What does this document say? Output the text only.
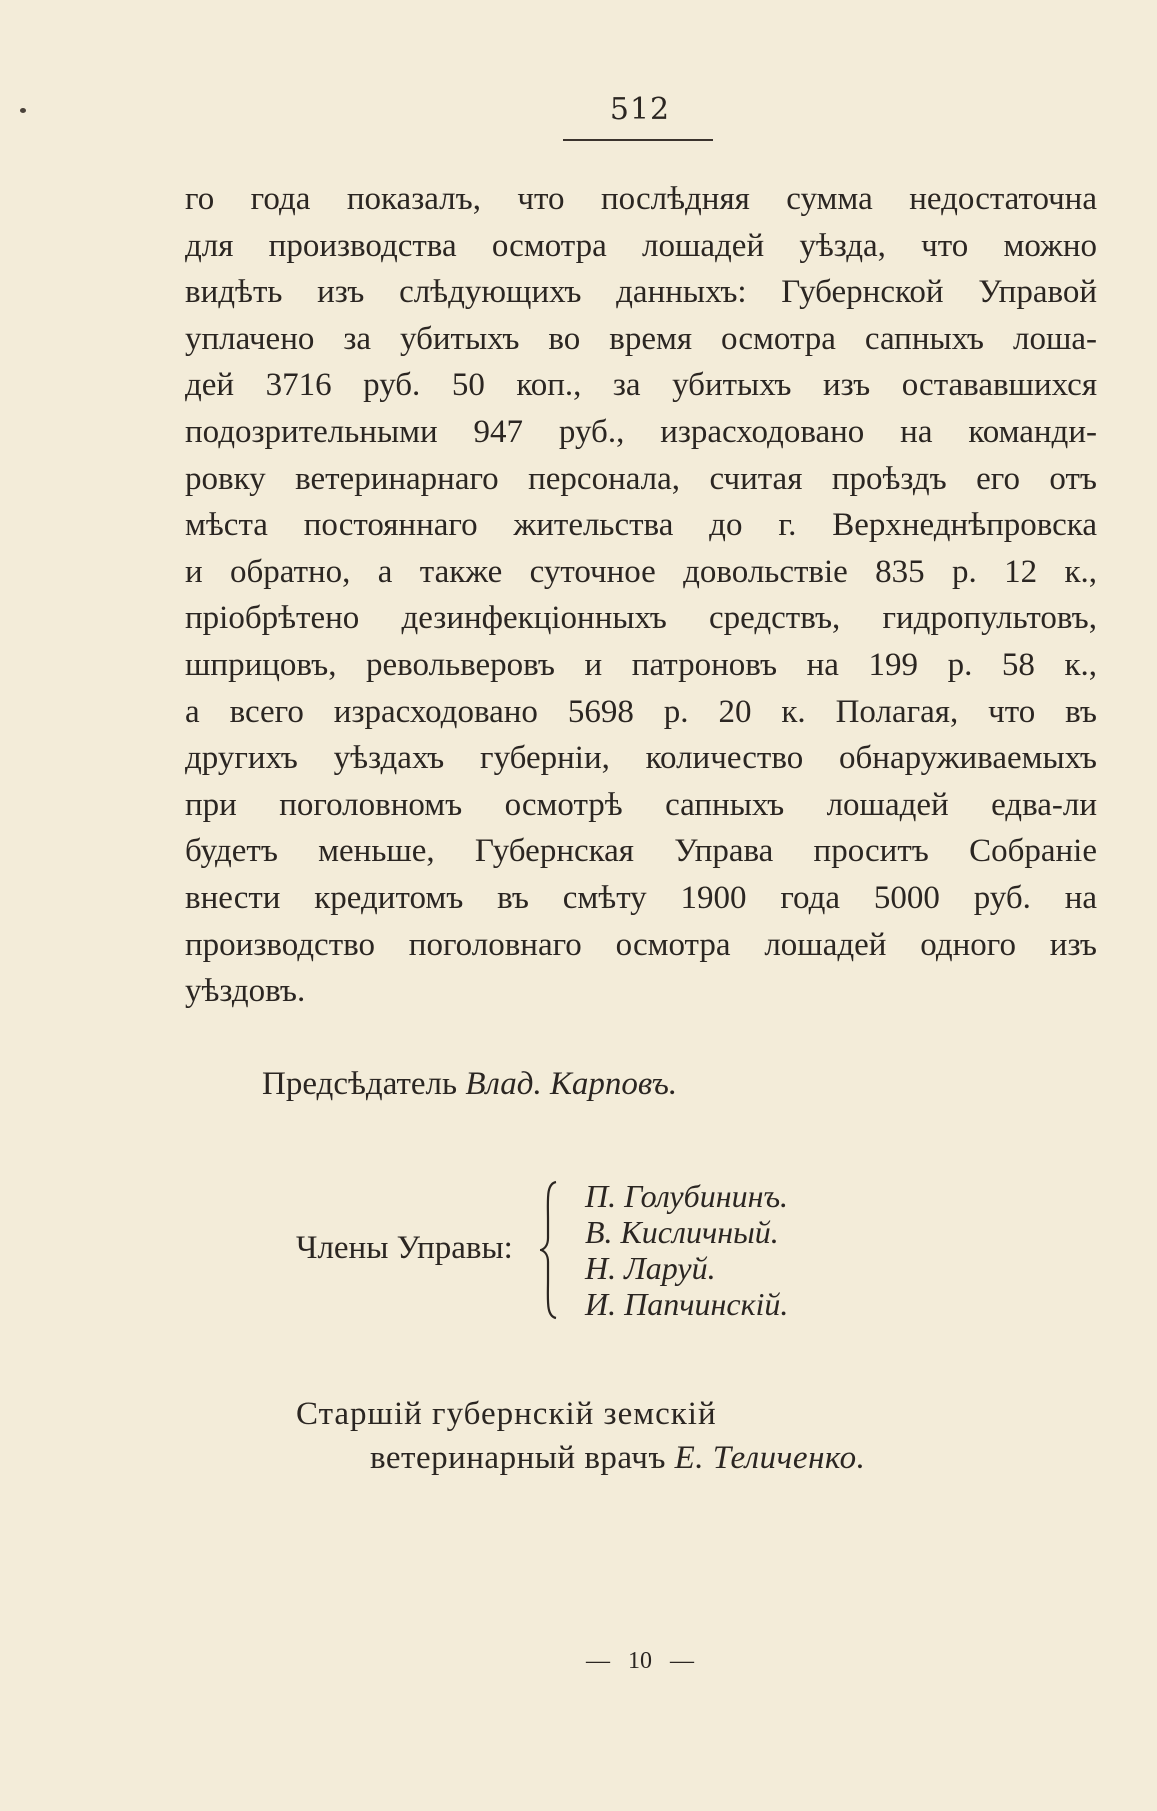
512

го года показалъ, что послѣдняя сумма недостаточна
для производства осмотра лошадей уѣзда, что можно
видѣть изъ слѣдующихъ данныхъ: Губернской Управой
уплачено за убитыхъ во время осмотра сапныхъ лоша-
дей 3716 руб. 50 коп., за убитыхъ изъ остававшихся
подозрительными 947 руб., израсходовано на команди-
ровку ветеринарнаго персонала, считая проѣздъ его отъ
мѣста постояннаго жительства до г. Верхнеднѣпровска
и обратно, а также суточное довольствіе 835 р. 12 к.,
пріобрѣтено дезинфекціонныхъ средствъ, гидропультовъ,
шприцовъ, револьверовъ и патроновъ на 199 р. 58 к.,
а всего израсходовано 5698 р. 20 к. Полагая, что въ
другихъ уѣздахъ губерніи, количество обнаруживаемыхъ
при поголовномъ осмотрѣ сапныхъ лошадей едва-ли
будетъ меньше, Губернская Управа проситъ Собраніе
внести кредитомъ въ смѣту 1900 года 5000 руб. на
производство поголовнаго осмотра лошадей одного изъ
уѣздовъ.

Предсѣдатель Влад. Карповъ.
Члены Управы:
П. Голубининъ.
В. Кисличный.
Н. Ларуй.
И. Папчинскій.
Старшій губернскій земскій
ветеринарный врачъ Е. Теличенко.
—   10   —
